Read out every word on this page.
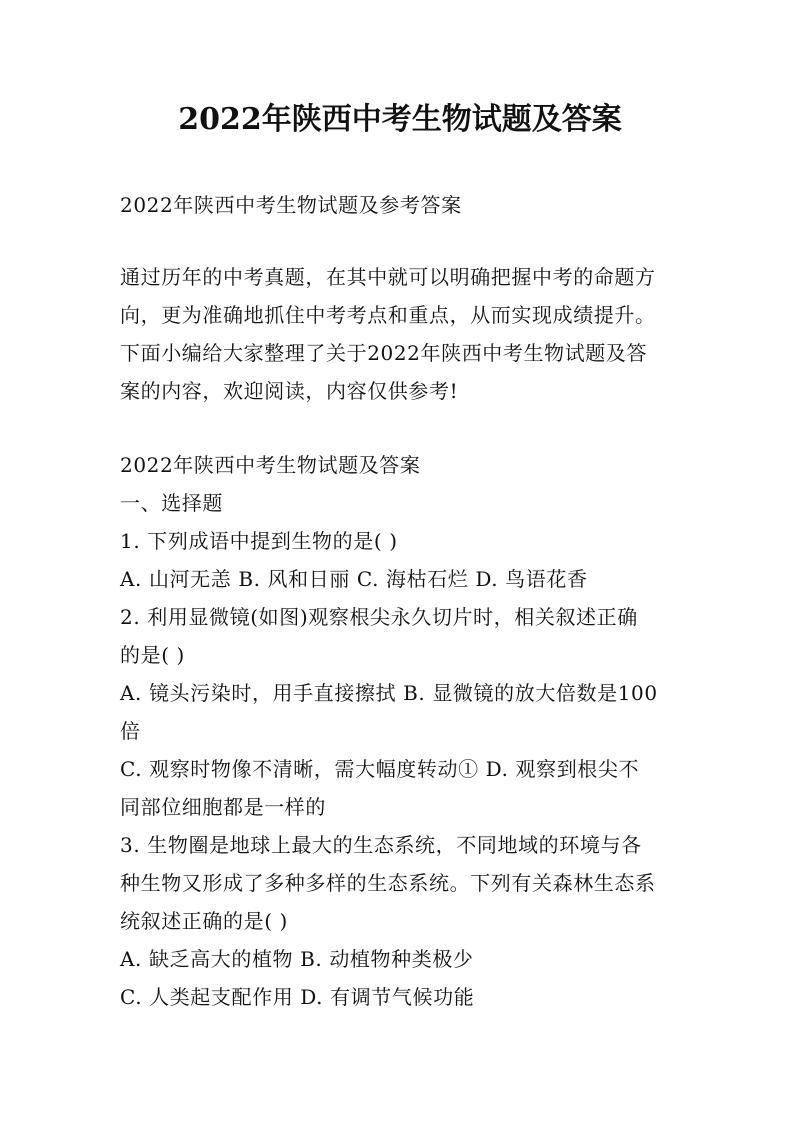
2022年陕西中考生物试题及答案
2022年陕西中考生物试题及参考答案
通过历年的中考真题，在其中就可以明确把握中考的命题方
向，更为准确地抓住中考考点和重点，从而实现成绩提升。
下面小编给大家整理了关于2022年陕西中考生物试题及答
案的内容，欢迎阅读，内容仅供参考!
2022年陕西中考生物试题及答案
一、选择题
1. 下列成语中提到生物的是( )
A. 山河无恙 B. 风和日丽 C. 海枯石烂 D. 鸟语花香
2. 利用显微镜(如图)观察根尖永久切片时，相关叙述正确
的是( )
A. 镜头污染时，用手直接擦拭 B. 显微镜的放大倍数是100
倍
C. 观察时物像不清晰，需大幅度转动① D. 观察到根尖不
同部位细胞都是一样的
3. 生物圈是地球上最大的生态系统，不同地域的环境与各
种生物又形成了多种多样的生态系统。下列有关森林生态系
统叙述正确的是( )
A. 缺乏高大的植物 B. 动植物种类极少
C. 人类起支配作用 D. 有调节气候功能
